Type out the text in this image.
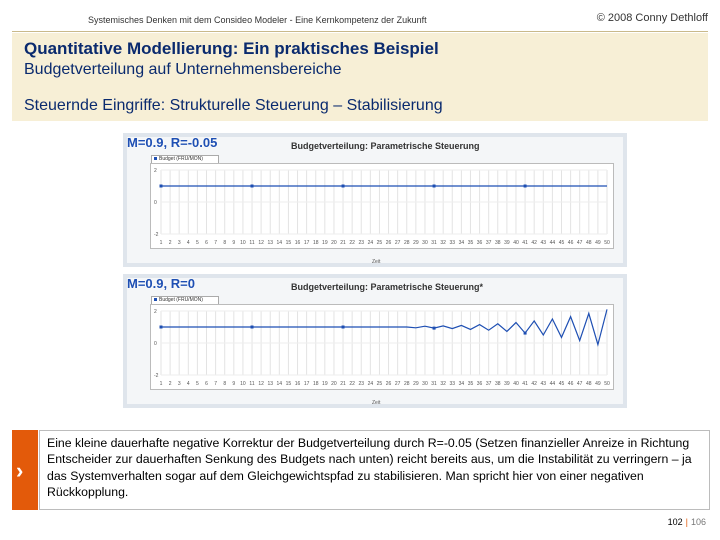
Systemisches Denken mit dem Consideo Modeler - Eine Kernkompetenz der Zukunft	© 2008 Conny Dethloff
Quantitative Modellierung: Ein praktisches Beispiel
Budgetverteilung auf Unternehmensbereiche
Steuernde Eingriffe: Strukturelle Steuerung – Stabilisierung
Budgetverteilung: Parametrische Steuerung
Budget (FRU/MON)
-2
0
2
1 2 3 4 5 6 7 8 9 10 11 12 13 14 15 16 17 18 19 20 21 22 23 24 25 26 27 28 29 30 31 32 33 34 35 36 37 38 39 40 41 42 43 44 45 46 47 48 49 50
Zeit
M=0.9, R=-0.05
Budgetverteilung: Parametrische Steuerung*
Budget (FRU/MON)
-2
0
2
1 2 3 4 5 6 7 8 9 10 11 12 13 14 15 16 17 18 19 20 21 22 23 24 25 26 27 28 29 30 31 32 33 34 35 36 37 38 39 40 41 42 43 44 45 46 47 48 49 50
Zeit
M=0.9, R=0
›
Eine kleine dauerhafte negative Korrektur der Budgetverteilung durch R=-0.05 (Setzen finanzieller Anreize in Richtung Entscheider zur dauerhaften Senkung des Budgets nach unten) reicht bereits aus, um die Instabilität zu verringern – ja das Systemverhalten sogar auf dem Gleichgewichtspfad zu stabilisieren. Man spricht hier von einer negativen Rückkopplung.
102 | 106
